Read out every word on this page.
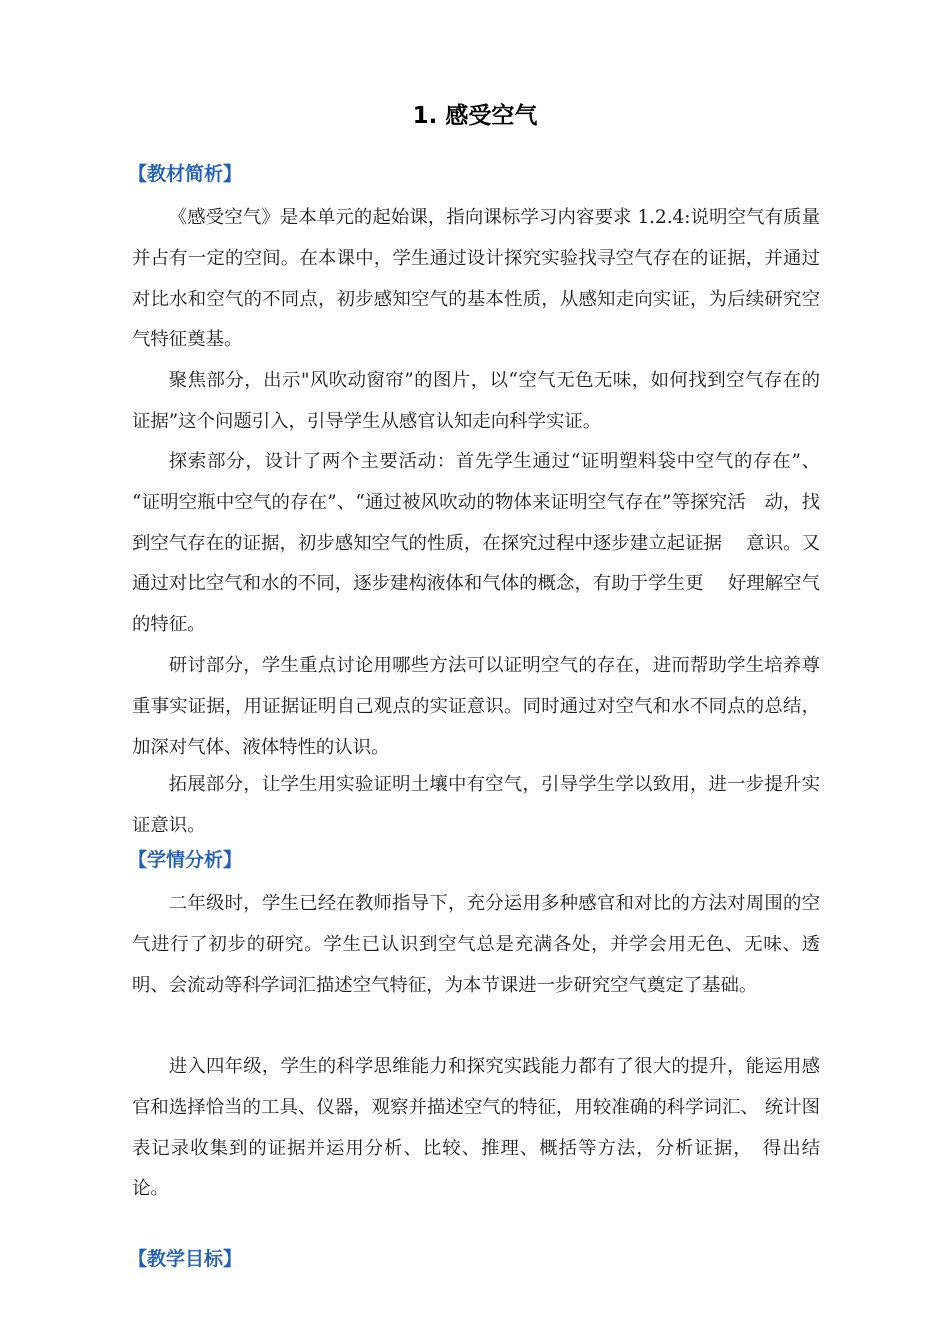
1. 感受空气
【教材简析】

《感受空气》是本单元的起始课，指向课标学习内容要求 1.2.4:说明空气有质量并占有一定的空间。在本课中，学生通过设计探究实验找寻空气存在的证据，并通过对比水和空气的不同点，初步感知空气的基本性质，从感知走向实证，为后续研究空气特征奠基。

聚焦部分，出示"风吹动窗帘”的图片，以“空气无色无味，如何找到空气存在的证据”这个问题引入，引导学生从感官认知走向科学实证。

探索部分，设计了两个主要活动：首先学生通过“证明塑料袋中空气的存在”、 “证明空瓶中空气的存在”、“通过被风吹动的物体来证明空气存在”等探究活　动，找到空气存在的证据，初步感知空气的性质，在探究过程中逐步建立起证据　 意识。又通过对比空气和水的不同，逐步建构液体和气体的概念，有助于学生更　 好理解空气的特征。

研讨部分，学生重点讨论用哪些方法可以证明空气的存在，进而帮助学生培养尊重事实证据，用证据证明自己观点的实证意识。同时通过对空气和水不同点的总结，加深对气体、液体特性的认识。

拓展部分，让学生用实验证明土壤中有空气，引导学生学以致用，进一步提升实证意识。

【学情分析】

二年级时，学生已经在教师指导下，充分运用多种感官和对比的方法对周围的空气进行了初步的研究。学生已认识到空气总是充满各处，并学会用无色、无味、透明、会流动等科学词汇描述空气特征，为本节课进一步研究空气奠定了基础。

进入四年级，学生的科学思维能力和探究实践能力都有了很大的提升，能运用感官和选择恰当的工具、仪器，观察并描述空气的特征，用较准确的科学词汇、 统计图表记录收集到的证据并运用分析、比较、推理、概括等方法，分析证据，　得出结论。

【教学目标】
